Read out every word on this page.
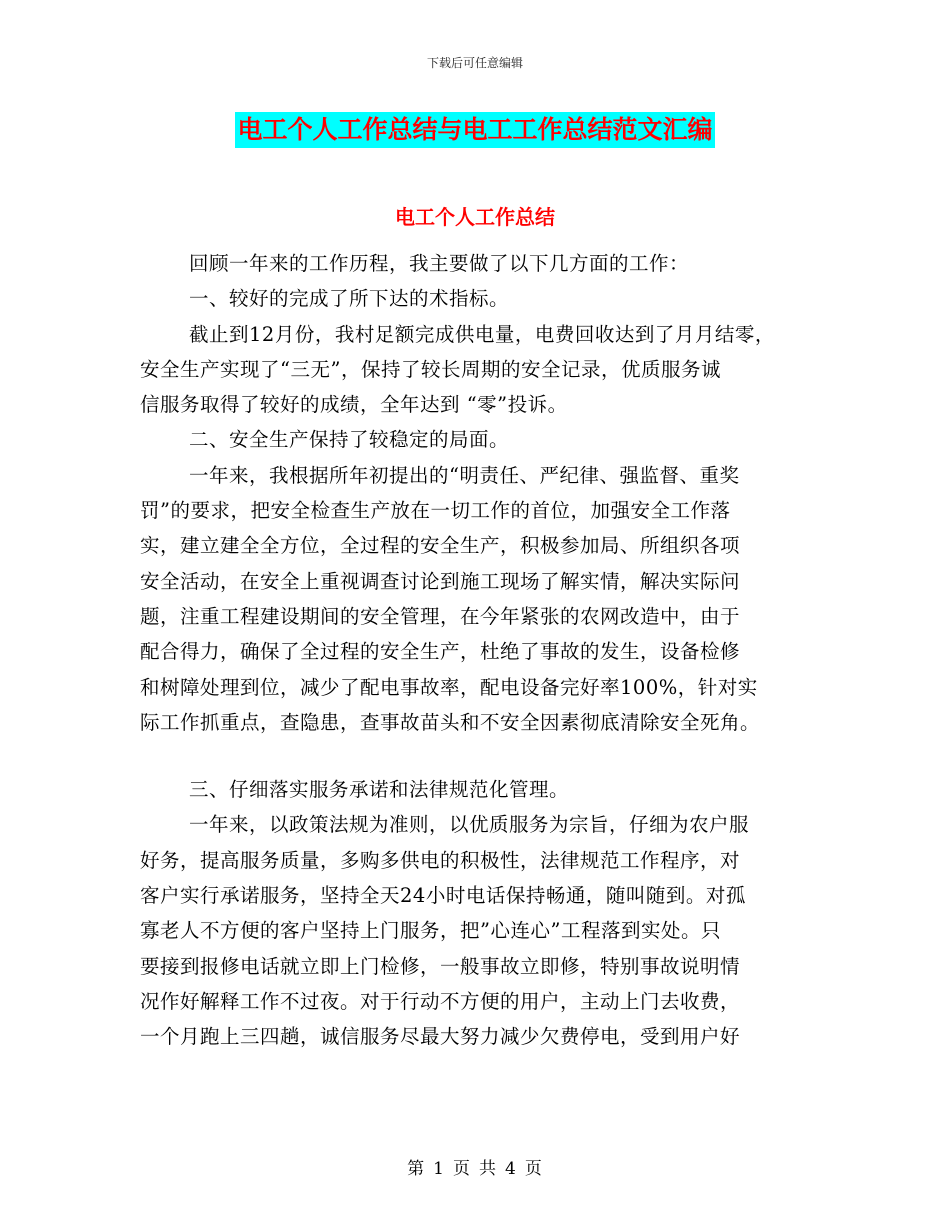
下载后可任意编辑
电工个人工作总结与电工工作总结范文汇编
电工个人工作总结
回顾一年来的工作历程，我主要做了以下几方面的工作：
一、较好的完成了所下达的术指标。
截止到12月份，我村足额完成供电量，电费回收达到了月月结零，
安全生产实现了“三无”，保持了较长周期的安全记录，优质服务诚
信服务取得了较好的成绩，全年达到 “零”投诉。
二、安全生产保持了较稳定的局面。
一年来，我根据所年初提出的“明责任、严纪律、强监督、重奖
罚”的要求，把安全检查生产放在一切工作的首位，加强安全工作落
实，建立建全全方位，全过程的安全生产，积极参加局、所组织各项
安全活动，在安全上重视调查讨论到施工现场了解实情，解决实际问
题，注重工程建设期间的安全管理，在今年紧张的农网改造中，由于
配合得力，确保了全过程的安全生产，杜绝了事故的发生，设备检修
和树障处理到位，减少了配电事故率，配电设备完好率100%，针对实
际工作抓重点，查隐患，查事故苗头和不安全因素彻底清除安全死角。
三、仔细落实服务承诺和法律规范化管理。
一年来，以政策法规为准则，以优质服务为宗旨，仔细为农户服
好务，提高服务质量，多购多供电的积极性，法律规范工作程序，对
客户实行承诺服务，坚持全天24小时电话保持畅通，随叫随到。对孤
寡老人不方便的客户坚持上门服务，把”心连心”工程落到实处。只
要接到报修电话就立即上门检修，一般事故立即修，特别事故说明情
况作好解释工作不过夜。对于行动不方便的用户，主动上门去收费，
一个月跑上三四趟，诚信服务尽最大努力减少欠费停电，受到用户好
第 1 页 共 4 页
